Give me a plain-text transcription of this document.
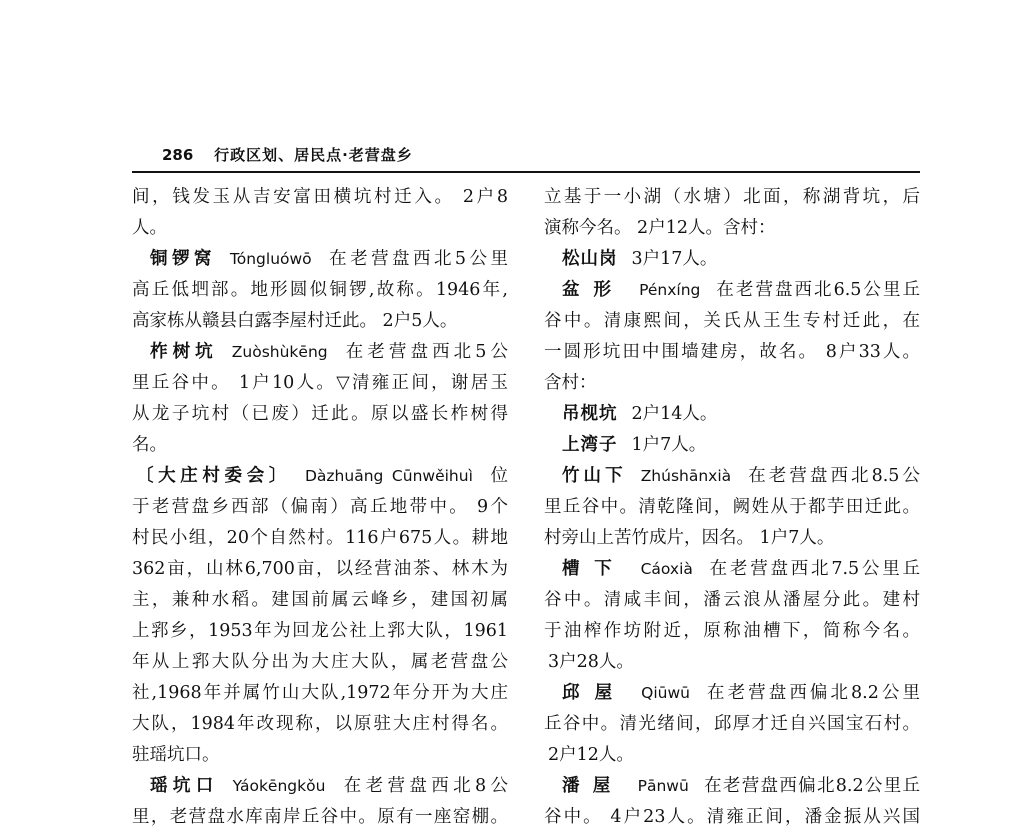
286 行政区划、居民点·老营盘乡
间，钱发玉从吉安富田横坑村迁入。 2户8
人。
铜锣窝 Tóngluówō 在老营盘西北5公里
高丘低垇部。地形圆似铜锣,故称。1946年,
高家栋从赣县白露李屋村迁此。 2户5人。
柞树坑 Zuòshùkēng 在老营盘西北5公
里丘谷中。 1户10人。▽清雍正间，谢居玉
从龙子坑村（已废）迁此。原以盛长柞树得
名。
〔大庄村委会〕 Dàzhuāng Cūnwěihuì 位
于老营盘乡西部（偏南）高丘地带中。 9个
村民小组，20个自然村。116户675人。耕地
362亩，山林6,700亩，以经营油茶、林木为
主，兼种水稻。建国前属云峰乡，建国初属
上郛乡，1953年为回龙公社上郛大队，1961
年从上郛大队分出为大庄大队，属老营盘公
社,1968年并属竹山大队,1972年分开为大庄
大队，1984年改现称，以原驻大庄村得名。
驻瑶坑口。
瑶坑口 Yáokēngkǒu 在老营盘西北8公
里，老营盘水库南岸丘谷中。原有一座窑棚。
立基于一小湖（水塘）北面，称湖背坑，后
演称今名。 2户12人。含村：
松山岗 3户17人。
盆形 Pénxíng 在老营盘西北6.5公里丘
谷中。清康熙间，关氏从王生专村迁此，在
一圆形坑田中围墙建房，故名。 8户33人。
含村：
吊枧坑 2户14人。
上湾子 1户7人。
竹山下 Zhúshānxià 在老营盘西北8.5公
里丘谷中。清乾隆间，阙姓从于都芋田迁此。
村旁山上苦竹成片，因名。 1户7人。
槽下 Cáoxià 在老营盘西北7.5公里丘
谷中。清咸丰间，潘云浪从潘屋分此。建村
于油榨作坊附近，原称油槽下，简称今名。
3户28人。
邱屋 Qiūwū 在老营盘西偏北8.2公里
丘谷中。清光绪间，邱厚才迁自兴国宝石村。
2户12人。
潘屋 Pānwū 在老营盘西偏北8.2公里丘
谷中。 4户23人。清雍正间，潘金振从兴国
